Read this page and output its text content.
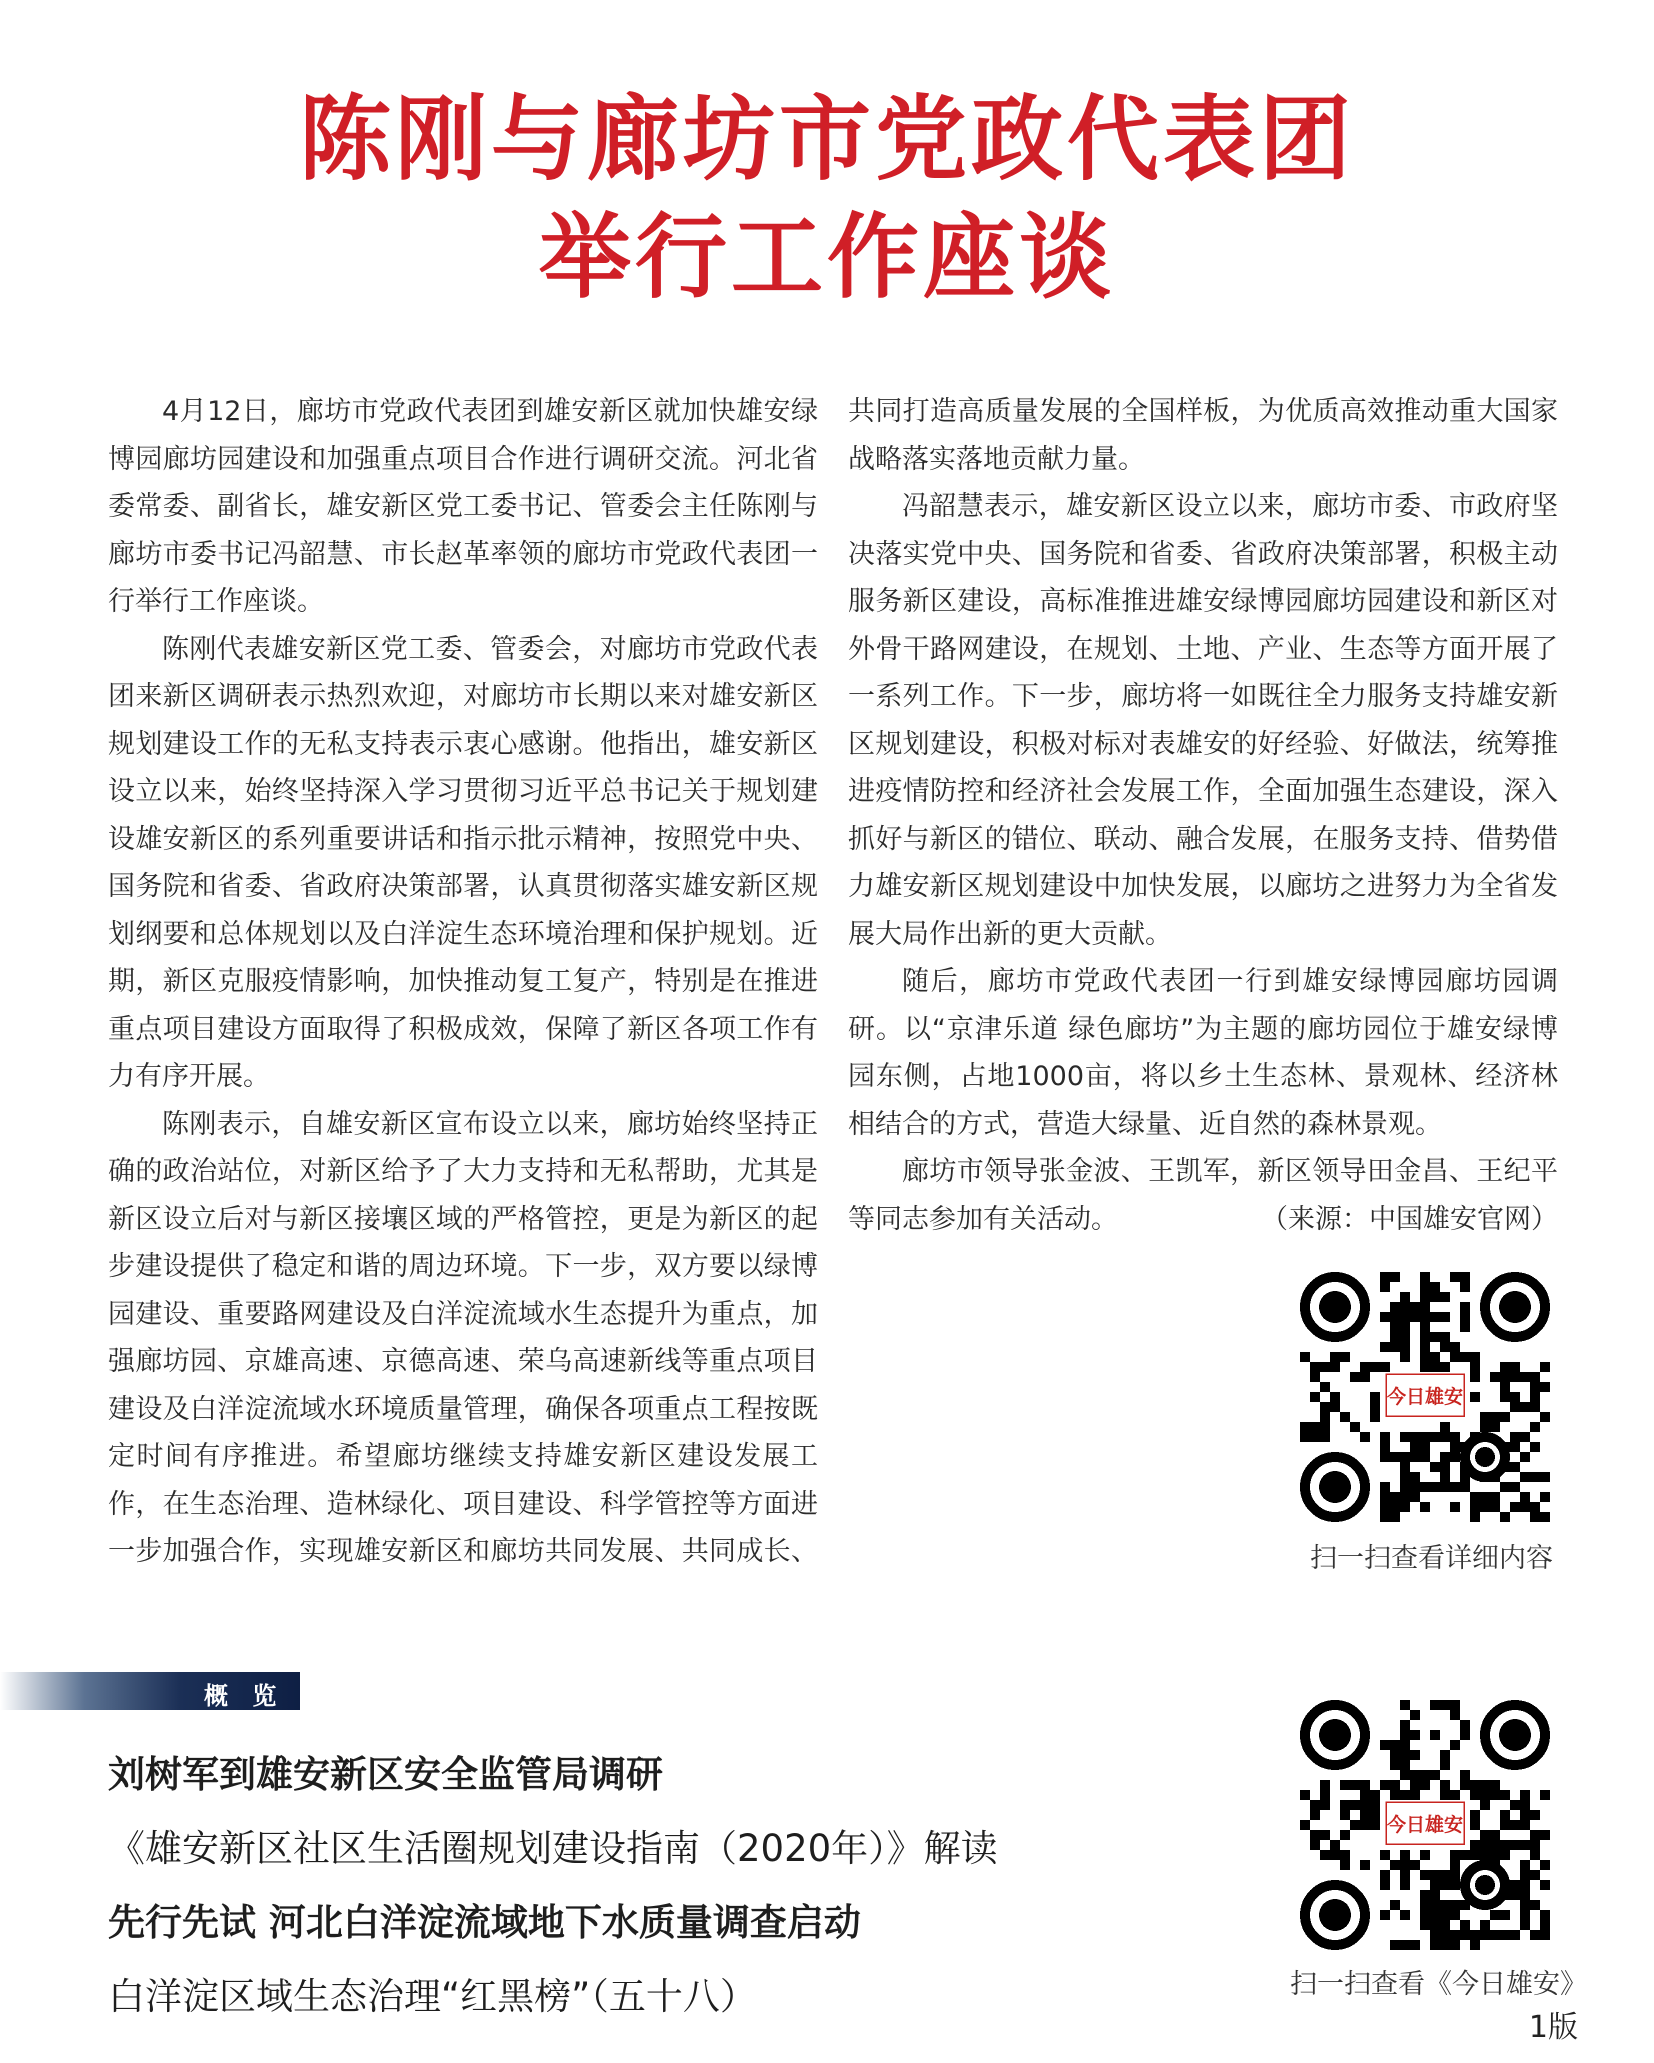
陈刚与廊坊市党政代表团
举行工作座谈

4月12日，廊坊市党政代表团到雄安新区就加快雄安绿博园廊坊园建设和加强重点项目合作进行调研交流。河北省委常委、副省长，雄安新区党工委书记、管委会主任陈刚与廊坊市委书记冯韶慧、市长赵革率领的廊坊市党政代表团一行举行工作座谈。

陈刚代表雄安新区党工委、管委会，对廊坊市党政代表团来新区调研表示热烈欢迎，对廊坊市长期以来对雄安新区规划建设工作的无私支持表示衷心感谢。他指出，雄安新区设立以来，始终坚持深入学习贯彻习近平总书记关于规划建设雄安新区的系列重要讲话和指示批示精神，按照党中央、国务院和省委、省政府决策部署，认真贯彻落实雄安新区规划纲要和总体规划以及白洋淀生态环境治理和保护规划。近期，新区克服疫情影响，加快推动复工复产，特别是在推进重点项目建设方面取得了积极成效，保障了新区各项工作有力有序开展。

陈刚表示，自雄安新区宣布设立以来，廊坊始终坚持正确的政治站位，对新区给予了大力支持和无私帮助，尤其是新区设立后对与新区接壤区域的严格管控，更是为新区的起步建设提供了稳定和谐的周边环境。下一步，双方要以绿博园建设、重要路网建设及白洋淀流域水生态提升为重点，加强廊坊园、京雄高速、京德高速、荣乌高速新线等重点项目建设及白洋淀流域水环境质量管理，确保各项重点工程按既定时间有序推进。希望廊坊继续支持雄安新区建设发展工作，在生态治理、造林绿化、项目建设、科学管控等方面进一步加强合作，实现雄安新区和廊坊共同发展、共同成长、共同打造高质量发展的全国样板，为优质高效推动重大国家战略落实落地贡献力量。

冯韶慧表示，雄安新区设立以来，廊坊市委、市政府坚决落实党中央、国务院和省委、省政府决策部署，积极主动服务新区建设，高标准推进雄安绿博园廊坊园建设和新区对外骨干路网建设，在规划、土地、产业、生态等方面开展了一系列工作。下一步，廊坊将一如既往全力服务支持雄安新区规划建设，积极对标对表雄安的好经验、好做法，统筹推进疫情防控和经济社会发展工作，全面加强生态建设，深入抓好与新区的错位、联动、融合发展，在服务支持、借势借力雄安新区规划建设中加快发展，以廊坊之进努力为全省发展大局作出新的更大贡献。

随后，廊坊市党政代表团一行到雄安绿博园廊坊园调研。以“京津乐道 绿色廊坊”为主题的廊坊园位于雄安绿博园东侧，占地1000亩，将以乡土生态林、景观林、经济林相结合的方式，营造大绿量、近自然的森林景观。

廊坊市领导张金波、王凯军，新区领导田金昌、王纪平等同志参加有关活动。	（来源：中国雄安官网）

今日雄安
扫一扫查看详细内容
概 览
刘树军到雄安新区安全监管局调研
《雄安新区社区生活圈规划建设指南（2020年）》解读
先行先试 河北白洋淀流域地下水质量调查启动
白洋淀区域生态治理“红黑榜”（五十八）
今日雄安
扫一扫查看《今日雄安》
1版
